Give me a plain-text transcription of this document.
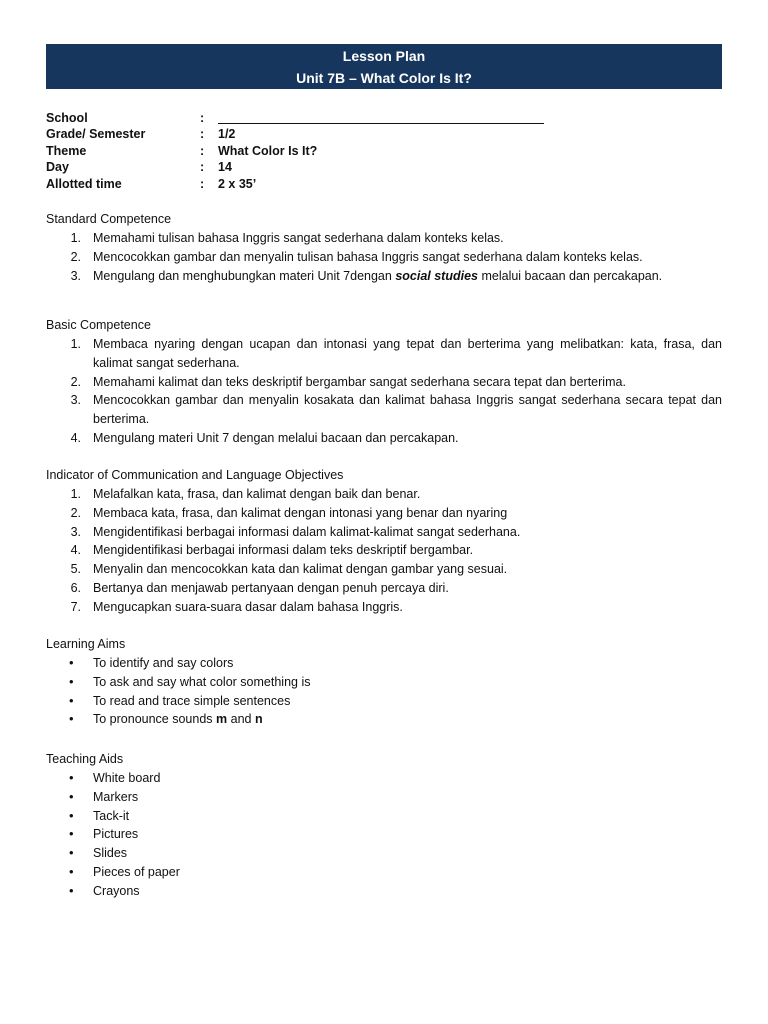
Lesson Plan
Unit 7B – What Color Is It?
School	:
Grade/ Semester	: 1/2
Theme	: What Color Is It?
Day	: 14
Allotted time	: 2 x 35’
Standard Competence
1. Memahami tulisan bahasa Inggris sangat sederhana dalam konteks kelas.
2. Mencocokkan gambar dan menyalin tulisan bahasa Inggris sangat sederhana dalam konteks kelas.
3. Mengulang dan menghubungkan materi Unit 7dengan social studies melalui bacaan dan percakapan.
Basic Competence
1. Membaca nyaring dengan ucapan dan intonasi yang tepat dan berterima yang melibatkan: kata, frasa, dan kalimat sangat sederhana.
2. Memahami kalimat dan teks deskriptif bergambar sangat sederhana secara tepat dan berterima.
3. Mencocokkan gambar dan menyalin kosakata dan kalimat bahasa Inggris sangat sederhana secara tepat dan berterima.
4. Mengulang materi Unit 7 dengan melalui bacaan dan percakapan.
Indicator of Communication and Language Objectives
1. Melafalkan kata, frasa, dan kalimat dengan baik dan benar.
2. Membaca kata, frasa, dan kalimat dengan intonasi yang benar dan nyaring
3. Mengidentifikasi berbagai informasi dalam kalimat-kalimat sangat sederhana.
4. Mengidentifikasi berbagai informasi dalam teks deskriptif bergambar.
5. Menyalin dan mencocokkan kata dan kalimat dengan gambar yang sesuai.
6. Bertanya dan menjawab pertanyaan dengan penuh percaya diri.
7. Mengucapkan suara-suara dasar dalam bahasa Inggris.
Learning Aims
• To identify and say colors
• To ask and say what color something is
• To read and trace simple sentences
• To pronounce sounds m and n
Teaching Aids
• White board
• Markers
• Tack-it
• Pictures
• Slides
• Pieces of paper
• Crayons
